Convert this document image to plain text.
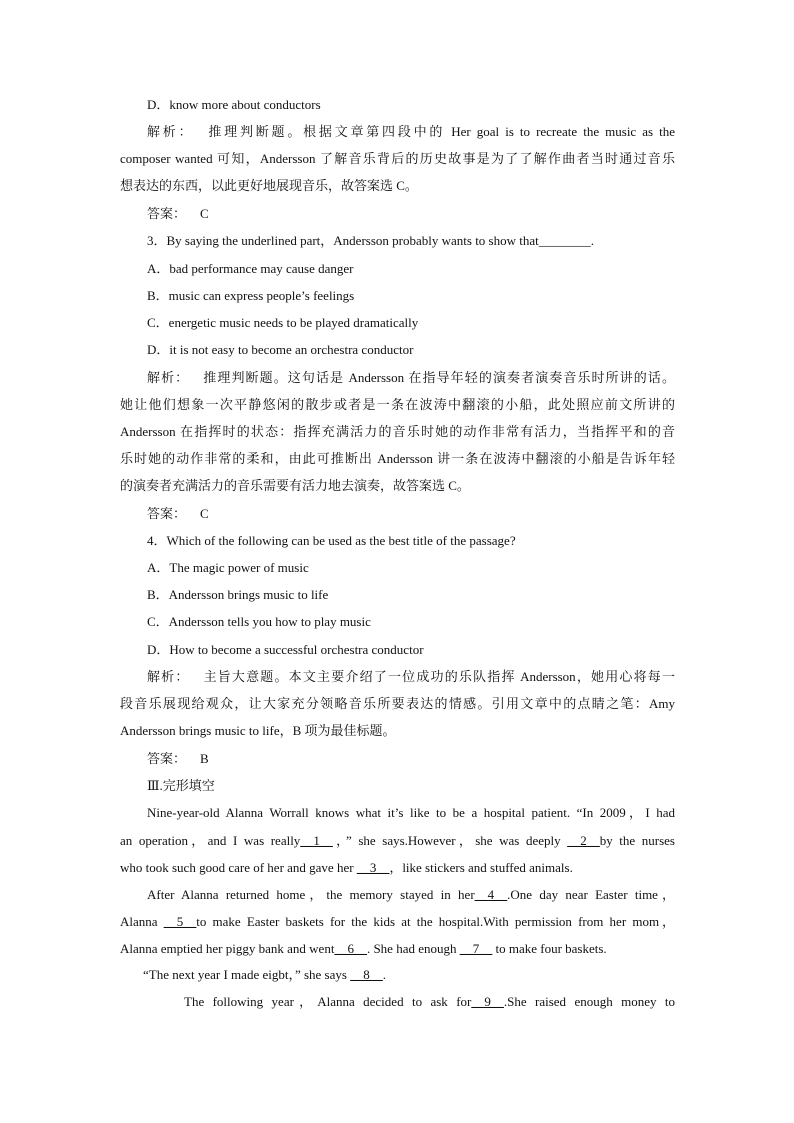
D．know more about conductors
解析： 推理判断题。根据文章第四段中的 Her goal is to recreate the music as the
composer wanted 可知，Andersson 了解音乐背后的历史故事是为了了解作曲者当时通过音乐
想表达的东西，以此更好地展现音乐，故答案选 C。
答案： C
3．By saying the underlined part，Andersson probably wants to show that________.
A．bad performance may cause danger
B．music can express people’s feelings
C．energetic music needs to be played dramatically
D．it is not easy to become an orchestra conductor
解析： 推理判断题。这句话是 Andersson 在指导年轻的演奏者演奏音乐时所讲的话。
她让他们想象一次平静悠闲的散步或者是一条在波涛中翻滚的小船，此处照应前文所讲的
Andersson 在指挥时的状态：指挥充满活力的音乐时她的动作非常有活力，当指挥平和的音
乐时她的动作非常的柔和，由此可推断出 Andersson 讲一条在波涛中翻滚的小船是告诉年轻
的演奏者充满活力的音乐需要有活力地去演奏，故答案选 C。
答案： C
4．Which of the following can be used as the best title of the passage?
A．The magic power of music
B．Andersson brings music to life
C．Andersson tells you how to play music
D．How to become a successful orchestra conductor
解析： 主旨大意题。本文主要介绍了一位成功的乐队指挥 Andersson，她用心将每一
段音乐展现给观众，让大家充分领略音乐所要表达的情感。引用文章中的点睛之笔：Amy
Andersson brings music to life，B 项为最佳标题。
答案： B
Ⅲ.完形填空
Nine-year-old Alanna Worrall knows what it’s like to be a hospital patient. “In 2009，I had
an operation，and I was really__1__，” she says.However，she was deeply __2__by the nurses
who took such good care of her and gave her __3__，like stickers and stuffed animals.
After Alanna returned home，the memory stayed in her__4__.One day near Easter time，
Alanna __5__to make Easter baskets for the kids at the hospital.With permission from her mom，
Alanna emptied her piggy bank and went__6__. She had enough __7__ to make four baskets.
“The next year I made eigbt，” she says __8__.
The following year，Alanna decided to ask for__9__.She raised enough money to
